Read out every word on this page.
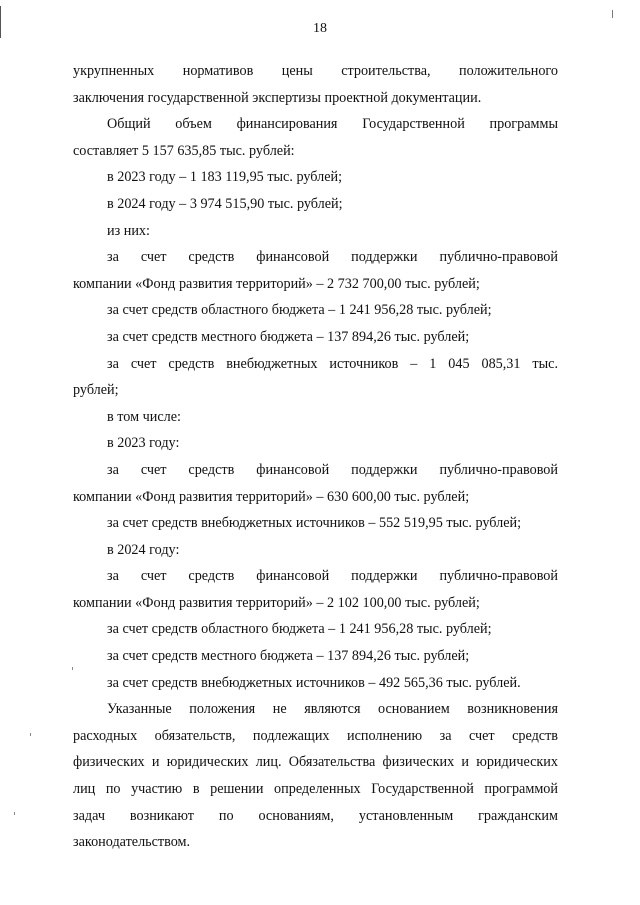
18
укрупненных нормативов цены строительства, положительного
заключения государственной экспертизы проектной документации.
Общий объем финансирования Государственной программы
составляет 5 157 635,85 тыс. рублей:
в 2023 году – 1 183 119,95 тыс. рублей;
в 2024 году – 3 974 515,90 тыс. рублей;
из них:
за счет средств финансовой поддержки публично-правовой
компании «Фонд развития территорий» – 2 732 700,00 тыс. рублей;
за счет средств областного бюджета – 1 241 956,28 тыс. рублей;
за счет средств местного бюджета – 137 894,26 тыс. рублей;
за счет средств внебюджетных источников – 1 045 085,31 тыс.
рублей;
в том числе:
в 2023 году:
за счет средств финансовой поддержки публично-правовой
компании «Фонд развития территорий» – 630 600,00 тыс. рублей;
за счет средств внебюджетных источников – 552 519,95 тыс. рублей;
в 2024 году:
за счет средств финансовой поддержки публично-правовой
компании «Фонд развития территорий» – 2 102 100,00 тыс. рублей;
за счет средств областного бюджета – 1 241 956,28 тыс. рублей;
за счет средств местного бюджета – 137 894,26 тыс. рублей;
за счет средств внебюджетных источников – 492 565,36 тыс. рублей.
Указанные положения не являются основанием возникновения
расходных обязательств, подлежащих исполнению за счет средств
физических и юридических лиц. Обязательства физических и юридических
лиц по участию в решении определенных Государственной программой
задач возникают по основаниям, установленным гражданским
законодательством.
